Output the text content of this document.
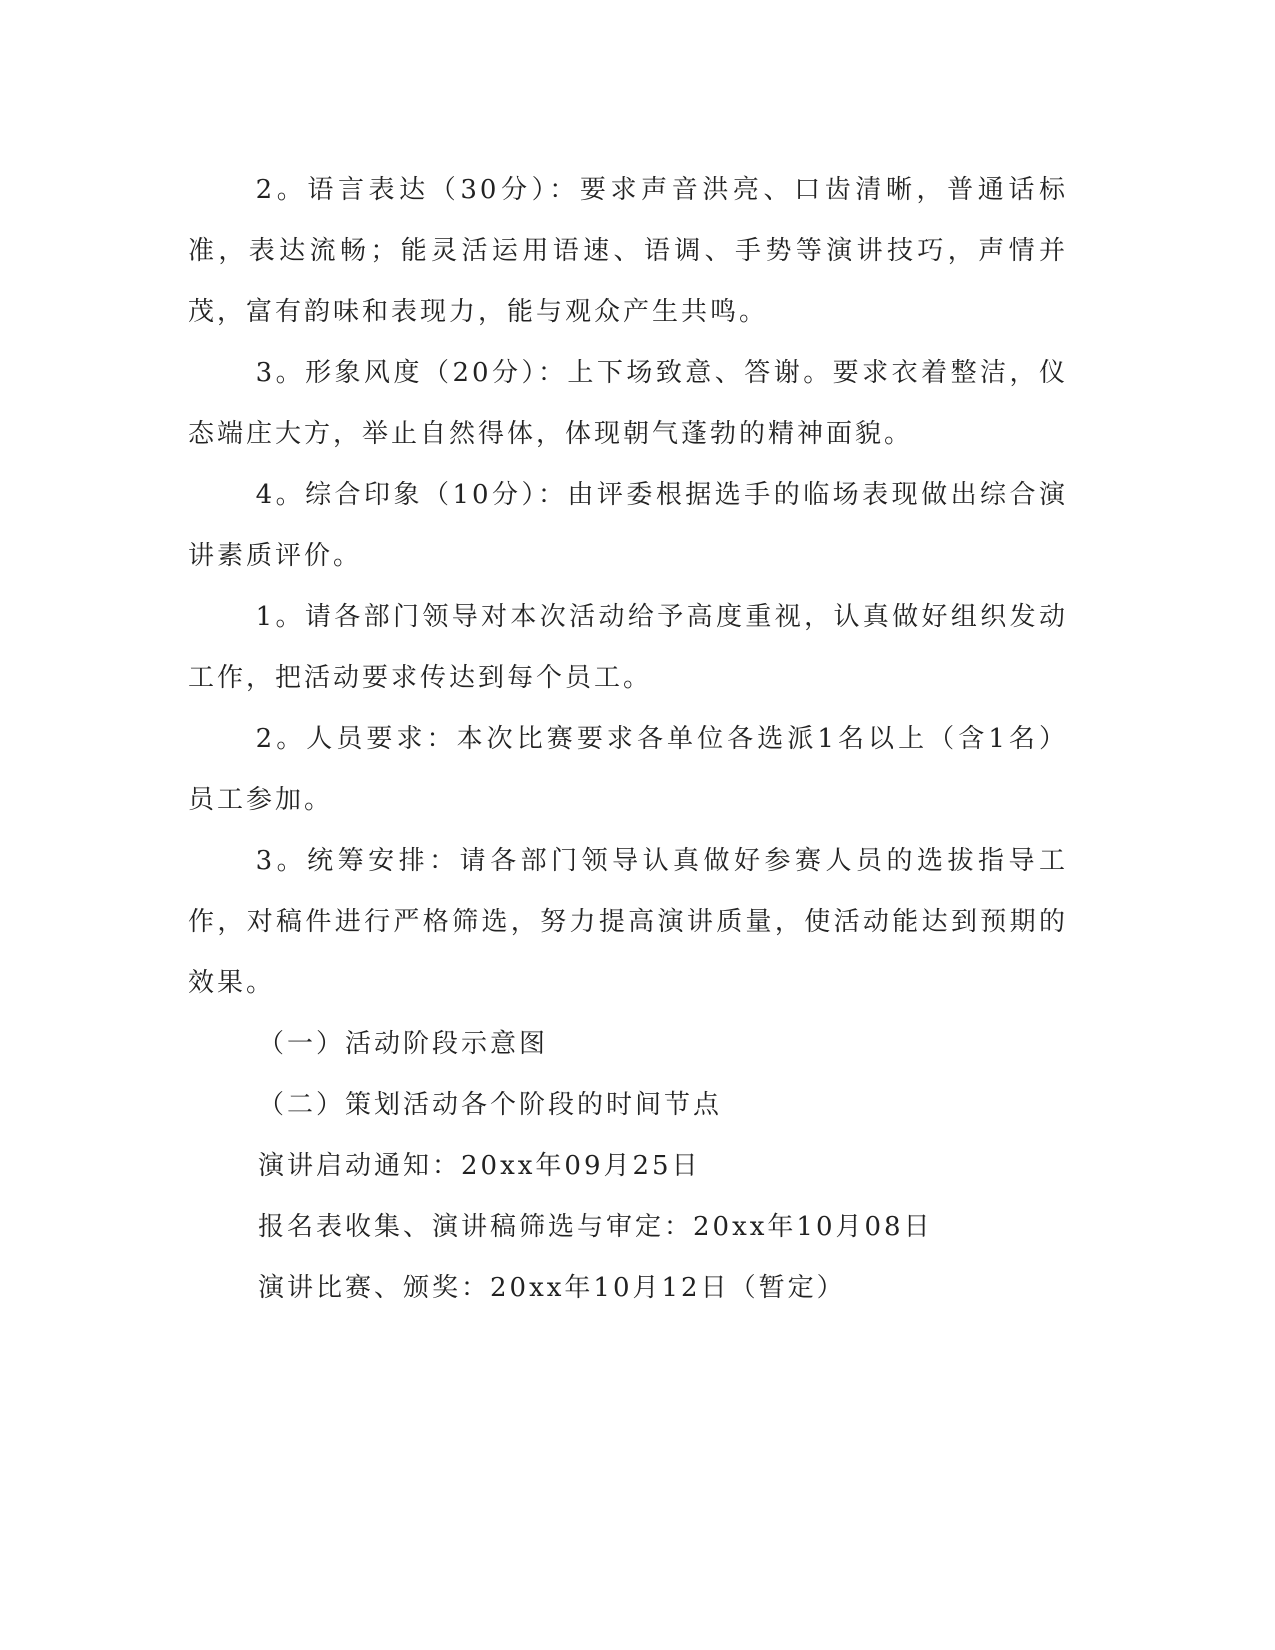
2。语言表达（30分）：要求声音洪亮、口齿清晰，普通话标准，表达流畅；能灵活运用语速、语调、手势等演讲技巧，声情并茂，富有韵味和表现力，能与观众产生共鸣。

3。形象风度（20分）：上下场致意、答谢。要求衣着整洁，仪态端庄大方，举止自然得体，体现朝气蓬勃的精神面貌。

4。综合印象（10分）：由评委根据选手的临场表现做出综合演讲素质评价。

1。请各部门领导对本次活动给予高度重视，认真做好组织发动工作，把活动要求传达到每个员工。

2。人员要求：本次比赛要求各单位各选派1名以上（含1名）员工参加。

3。统筹安排：请各部门领导认真做好参赛人员的选拔指导工作，对稿件进行严格筛选，努力提高演讲质量，使活动能达到预期的效果。

（一）活动阶段示意图

（二）策划活动各个阶段的时间节点

演讲启动通知：20xx年09月25日

报名表收集、演讲稿筛选与审定：20xx年10月08日

演讲比赛、颁奖：20xx年10月12日（暂定）
